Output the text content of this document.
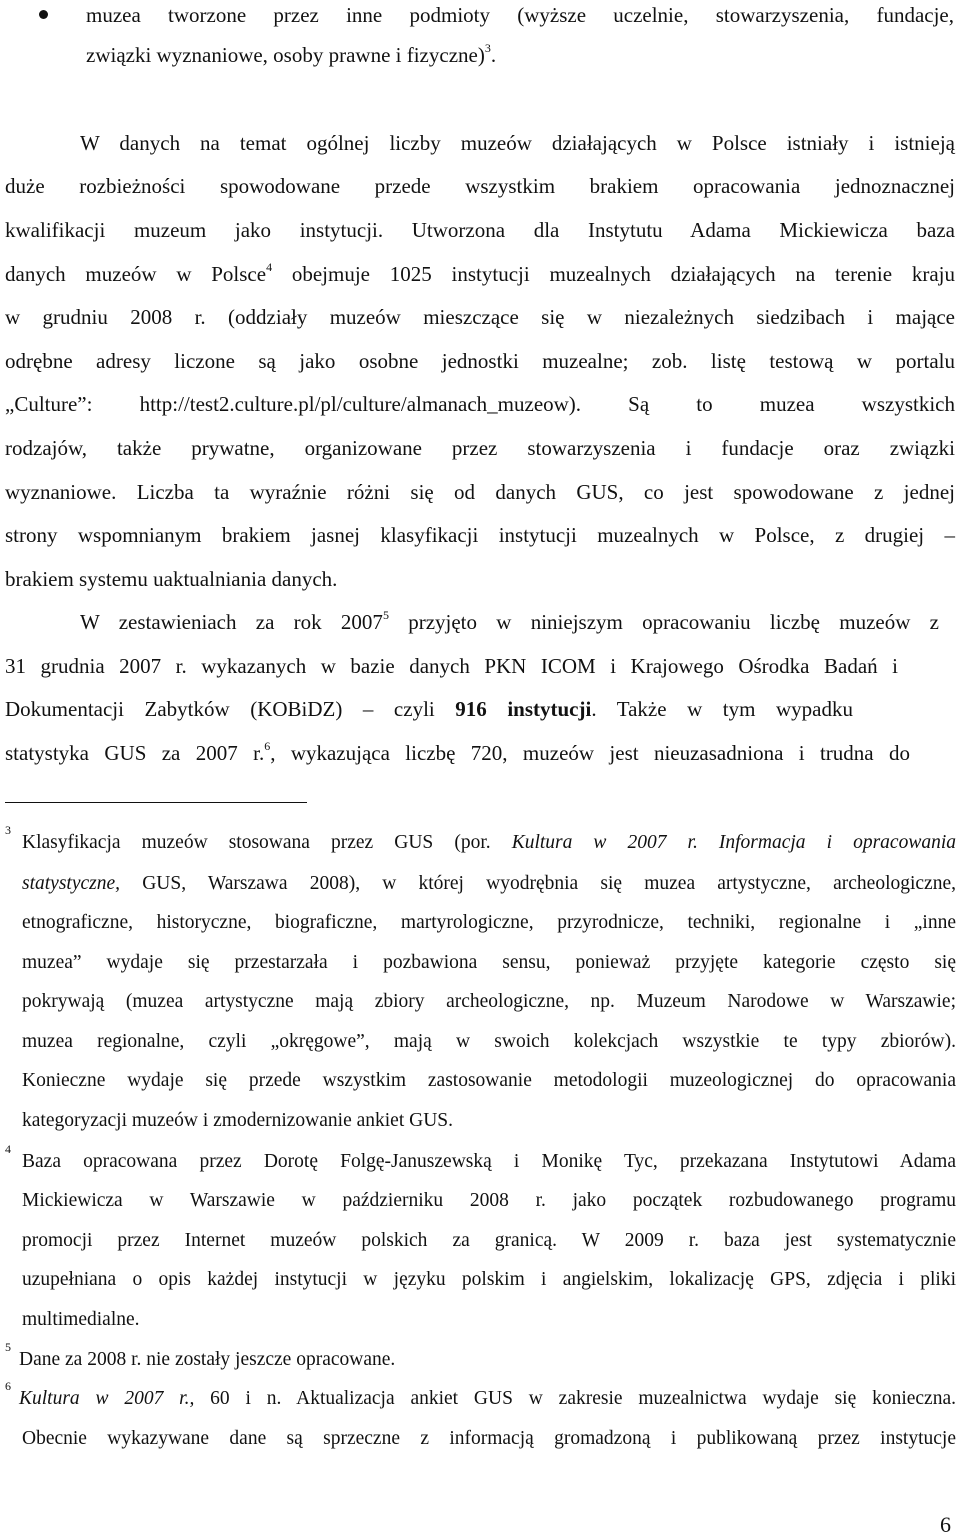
muzea tworzone przez inne podmioty (wyższe uczelnie, stowarzyszenia, fundacje,
związki wyznaniowe, osoby prawne i fizyczne)$^3$.
W danych na temat ogólnej liczby muzeów działających w Polsce istniały i istnieją
duże rozbieżności spowodowane przede wszystkim brakiem opracowania jednoznacznej
kwalifikacji muzeum jako instytucji. Utworzona dla Instytutu Adama Mickiewicza baza
danych muzeów w Polsce$^4$ obejmuje 1025 instytucji muzealnych działających na terenie kraju
w grudniu 2008 r. (oddziały muzeów mieszczące się w niezależnych siedzibach i mające
odrębne adresy liczone są jako osobne jednostki muzealne; zob. listę testową w portalu
„Culture”: http://test2.culture.pl/pl/culture/almanach_muzeow). Są to muzea wszystkich
rodzajów, także prywatne, organizowane przez stowarzyszenia i fundacje oraz związki
wyznaniowe. Liczba ta wyraźnie różni się od danych GUS, co jest spowodowane z jednej
strony wspomnianym brakiem jasnej klasyfikacji instytucji muzealnych w Polsce, z drugiej –
brakiem systemu uaktualniania danych.
W zestawieniach za rok 2007$^5$ przyjęto w niniejszym opracowaniu liczbę muzeów z
31 grudnia 2007 r. wykazanych w bazie danych PKN ICOM i Krajowego Ośrodka Badań i
Dokumentacji Zabytków (KOBiDZ) – czyli 916 instytucji. Także w tym wypadku
statystyka GUS za 2007 r.$^6$, wykazująca liczbę 720, muzeów jest nieuzasadniona i trudna do
$^3$
Klasyfikacja muzeów stosowana przez GUS (por. Kultura w 2007 r. Informacja i opracowania
statystyczne, GUS, Warszawa 2008), w której wyodrębnia się muzea artystyczne, archeologiczne,
etnograficzne, historyczne, biograficzne, martyrologiczne, przyrodnicze, techniki, regionalne i „inne
muzea” wydaje się przestarzała i pozbawiona sensu, ponieważ przyjęte kategorie często się
pokrywają (muzea artystyczne mają zbiory archeologiczne, np. Muzeum Narodowe w Warszawie;
muzea regionalne, czyli „okręgowe”, mają w swoich kolekcjach wszystkie te typy zbiorów).
Konieczne wydaje się przede wszystkim zastosowanie metodologii muzeologicznej do opracowania
kategoryzacji muzeów i zmodernizowanie ankiet GUS.
$^4$
Baza opracowana przez Dorotę Folgę-Januszewską i Monikę Tyc, przekazana Instytutowi Adama
Mickiewicza w Warszawie w październiku 2008 r. jako początek rozbudowanego programu
promocji przez Internet muzeów polskich za granicą. W 2009 r. baza jest systematycznie
uzupełniana o opis każdej instytucji w języku polskim i angielskim, lokalizację GPS, zdjęcia i pliki
multimedialne.
$^5$
Dane za 2008 r. nie zostały jeszcze opracowane.
$^6$
Kultura w 2007 r., 60 i n. Aktualizacja ankiet GUS w zakresie muzealnictwa wydaje się konieczna.
Obecnie wykazywane dane są sprzeczne z informacją gromadzoną i publikowaną przez instytucje
6
